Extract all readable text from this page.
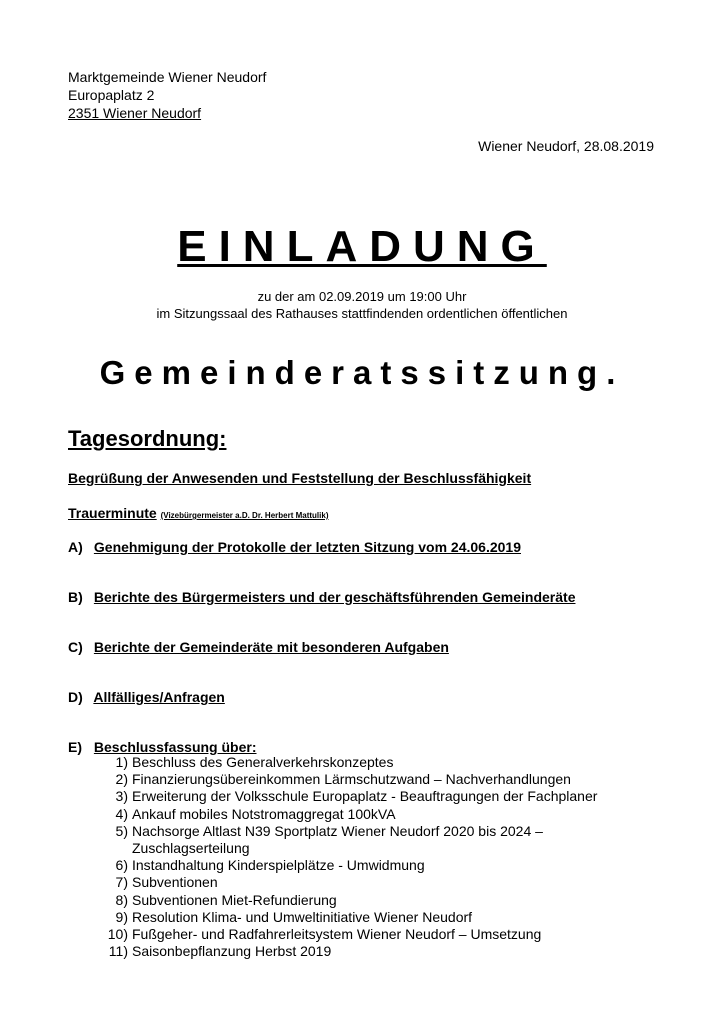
Marktgemeinde Wiener Neudorf
Europaplatz 2
2351 Wiener Neudorf
Wiener Neudorf, 28.08.2019
EINLADUNG
zu der am 02.09.2019 um 19:00 Uhr
im Sitzungssaal des Rathauses stattfindenden ordentlichen öffentlichen
Gemeinderatssitzung.
Tagesordnung:
Begrüßung der Anwesenden und Feststellung der Beschlussfähigkeit
Trauerminute (Vizebürgermeister a.D. Dr. Herbert Mattulik)
A) Genehmigung der Protokolle der letzten Sitzung vom 24.06.2019
B) Berichte des Bürgermeisters und der geschäftsführenden Gemeinderäte
C) Berichte der Gemeinderäte mit besonderen Aufgaben
D) Allfälliges/Anfragen
E) Beschlussfassung über:
1) Beschluss des Generalverkehrskonzeptes
2) Finanzierungsübereinkommen Lärmschutzwand – Nachverhandlungen
3) Erweiterung der Volksschule Europaplatz - Beauftragungen der Fachplaner
4) Ankauf mobiles Notstromaggregat 100kVA
5) Nachsorge Altlast N39 Sportplatz Wiener Neudorf 2020 bis 2024 – Zuschlagserteilung
6) Instandhaltung Kinderspielplätze - Umwidmung
7) Subventionen
8) Subventionen Miet-Refundierung
9) Resolution Klima- und Umweltinitiative Wiener Neudorf
10) Fußgeher- und Radfahrerleitsystem Wiener Neudorf – Umsetzung
11) Saisonbepflanzung Herbst 2019
